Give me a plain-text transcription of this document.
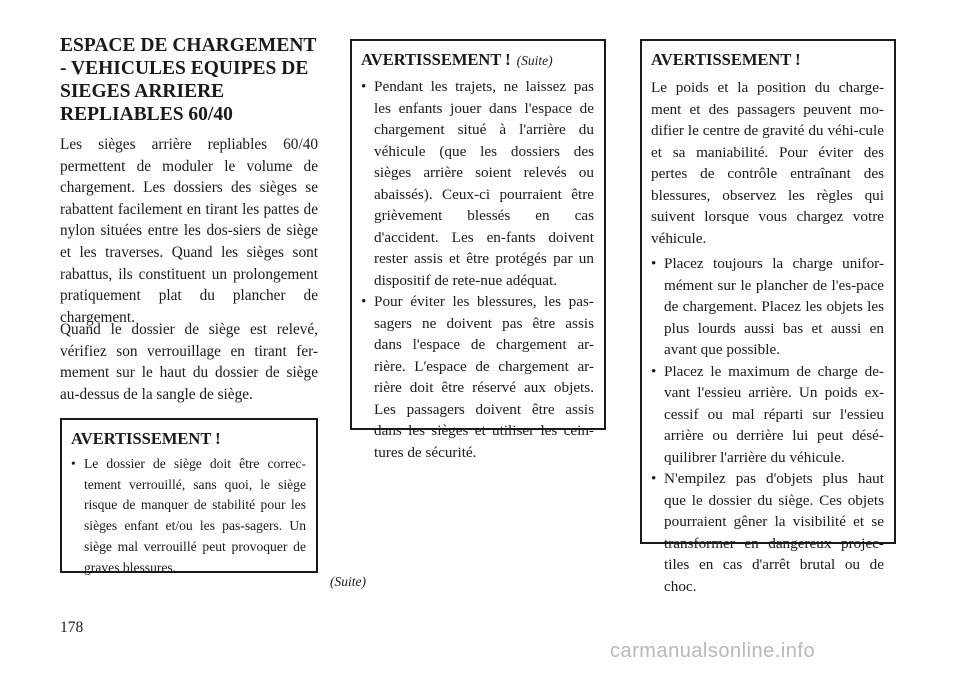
ESPACE DE CHARGEMENT - VEHICULES EQUIPES DE SIEGES ARRIERE REPLIABLES 60/40

Les sièges arrière repliables 60/40 permettent de moduler le volume de chargement. Les dossiers des sièges se rabattent facilement en tirant les pattes de nylon situées entre les dos-siers de siège et les traverses. Quand les sièges sont rabattus, ils constituent un prolongement pratiquement plat du plancher de chargement.

Quand le dossier de siège est relevé, vérifiez son verrouillage en tirant fer-mement sur le haut du dossier de siège au-dessus de la sangle de siège.

AVERTISSEMENT !
• Le dossier de siège doit être correc-tement verrouillé, sans quoi, le siège risque de manquer de stabilité pour les sièges enfant et/ou les pas-sagers. Un siège mal verrouillé peut provoquer de graves blessures.
(Suite)
AVERTISSEMENT ! (Suite)
• Pendant les trajets, ne laissez pas les enfants jouer dans l'espace de chargement situé à l'arrière du véhicule (que les dossiers des sièges arrière soient relevés ou abaissés). Ceux-ci pourraient être grièvement blessés en cas d'accident. Les en-fants doivent rester assis et être protégés par un dispositif de rete-nue adéquat.
• Pour éviter les blessures, les pas-sagers ne doivent pas être assis dans l'espace de chargement ar-rière. L'espace de chargement ar-rière doit être réservé aux objets. Les passagers doivent être assis dans les sièges et utiliser les cein-tures de sécurité.
AVERTISSEMENT !

Le poids et la position du charge-ment et des passagers peuvent mo-difier le centre de gravité du véhi-cule et sa maniabilité. Pour éviter des pertes de contrôle entraînant des blessures, observez les règles qui suivent lorsque vous chargez votre véhicule.

• Placez toujours la charge unifor-mément sur le plancher de l'es-pace de chargement. Placez les objets les plus lourds aussi bas et aussi en avant que possible.
• Placez le maximum de charge de-vant l'essieu arrière. Un poids ex-cessif ou mal réparti sur l'essieu arrière ou derrière lui peut désé-quilibrer l'arrière du véhicule.
• N'empilez pas d'objets plus haut que le dossier du siège. Ces objets pourraient gêner la visibilité et se transformer en dangereux projec-tiles en cas d'arrêt brutal ou de choc.
178
carmanualsonline.info
